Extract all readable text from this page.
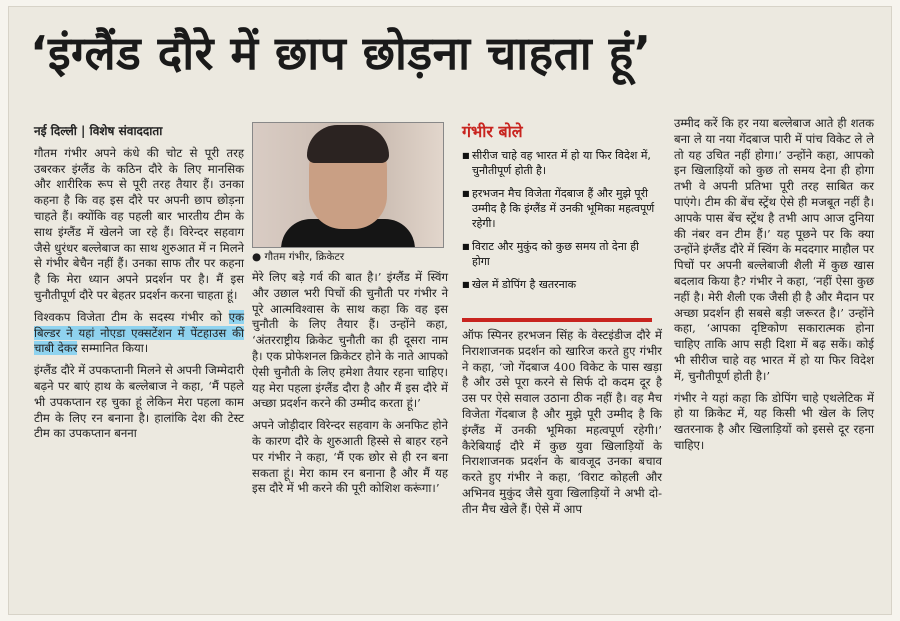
‘इंग्लैंड दौरे में छाप छोड़ना चाहता हूं’
नई दिल्ली | विशेष संवाददाता

गौतम गंभीर अपने कंधे की चोट से पूरी तरह उबरकर इंग्लैंड के कठिन दौरे के लिए मानसिक और शारीरिक रूप से पूरी तरह तैयार हैं। उनका कहना है कि वह इस दौरे पर अपनी छाप छोड़ना चाहते हैं। क्योंकि वह पहली बार भारतीय टीम के साथ इंग्लैंड में खेलने जा रहे हैं। विरेन्दर सहवाग जैसे धुरंधर बल्लेबाज का साथ शुरुआत में न मिलने से गंभीर बेचैन नहीं हैं। उनका साफ तौर पर कहना है कि मेरा ध्यान अपने प्रदर्शन पर है। मैं इस चुनौतीपूर्ण दौरे पर बेहतर प्रदर्शन करना चाहता हूं।

विश्वकप विजेता टीम के सदस्य गंभीर को एक बिल्डर ने यहां नोएडा एक्सटेंशन में पेंटहाउस की चाबी देकर सम्मानित किया।

इंग्लैंड दौरे में उपकप्तानी मिलने से अपनी जिम्मेदारी बढ़ने पर बाएं हाथ के बल्लेबाज ने कहा, ‘मैं पहले भी उपकप्तान रह चुका हूं लेकिन मेरा पहला काम टीम के लिए रन बनाना है। हालांकि देश की टेस्ट टीम का उपकप्तान बनना

● गौतम गंभीर, क्रिकेटर

मेरे लिए बड़े गर्व की बात है।’ इंग्लैंड में स्विंग और उछाल भरी पिचों की चुनौती पर गंभीर ने पूरे आत्मविश्वास के साथ कहा कि वह इस चुनौती के लिए तैयार हैं। उन्होंने कहा, ‘अंतरराष्ट्रीय क्रिकेट चुनौती का ही दूसरा नाम है। एक प्रोफेशनल क्रिकेटर होने के नाते आपको ऐसी चुनौती के लिए हमेशा तैयार रहना चाहिए। यह मेरा पहला इंग्लैंड दौरा है और मैं इस दौरे में अच्छा प्रदर्शन करने की उम्मीद करता हूं।’

अपने जोड़ीदार विरेन्दर सहवाग के अनफिट होने के कारण दौरे के शुरुआती हिस्से से बाहर रहने पर गंभीर ने कहा, ‘मैं एक छोर से ही रन बना सकता हूं। मेरा काम रन बनाना है और मैं यह इस दौरे में भी करने की पूरी कोशिश करूंगा।’

गंभीर बोले
■ सीरीज चाहे वह भारत में हो या फिर विदेश में, चुनौतीपूर्ण होती है।
■ हरभजन मैच विजेता गेंदबाज हैं और मुझे पूरी उम्मीद है कि इंग्लैंड में उनकी भूमिका महत्वपूर्ण रहेगी।
■ विराट और मुकुंद को कुछ समय तो देना ही होगा
■ खेल में डोपिंग है खतरनाक

ऑफ स्पिनर हरभजन सिंह के वेस्टइंडीज दौरे में निराशाजनक प्रदर्शन को खारिज करते हुए गंभीर ने कहा, ‘जो गेंदबाज 400 विकेट के पास खड़ा है और उसे पूरा करने से सिर्फ दो कदम दूर है उस पर ऐसे सवाल उठाना ठीक नहीं है। वह मैच विजेता गेंदबाज है और मुझे पूरी उम्मीद है कि इंग्लैंड में उनकी भूमिका महत्वपूर्ण रहेगी।’ कैरेबियाई दौरे में कुछ युवा खिलाड़ियों के निराशाजनक प्रदर्शन के बावजूद उनका बचाव करते हुए गंभीर ने कहा, ‘विराट कोहली और अभिनव मुकुंद जैसे युवा खिलाड़ियों ने अभी दो-तीन मैच खेले हैं। ऐसे में आप

उम्मीद करें कि हर नया बल्लेबाज आते ही शतक बना ले या नया गेंदबाज पारी में पांच विकेट ले ले तो यह उचित नहीं होगा।’ उन्होंने कहा, आपको इन खिलाड़ियों को कुछ तो समय देना ही होगा तभी वे अपनी प्रतिभा पूरी तरह साबित कर पाएंगे। टीम की बेंच स्ट्रेंथ ऐसे ही मजबूत नहीं है। आपके पास बेंच स्ट्रेंथ है तभी आप आज दुनिया की नंबर वन टीम हैं।’ यह पूछने पर कि क्या उन्होंने इंग्लैंड दौरे में स्विंग के मददगार माहौल पर पिचों पर अपनी बल्लेबाजी शैली में कुछ खास बदलाव किया है? गंभीर ने कहा, ‘नहीं ऐसा कुछ नहीं है। मेरी शैली एक जैसी ही है और मैदान पर अच्छा प्रदर्शन ही सबसे बड़ी जरूरत है।’ उन्होंने कहा, ‘आपका दृष्टिकोण सकारात्मक होना चाहिए ताकि आप सही दिशा में बढ़ सकें। कोई भी सीरीज चाहे वह भारत में हो या फिर विदेश में, चुनौतीपूर्ण होती है।’

गंभीर ने यहां कहा कि डोपिंग चाहे एथलेटिक में हो या क्रिकेट में, यह किसी भी खेल के लिए खतरनाक है और खिलाड़ियों को इससे दूर रहना चाहिए।
